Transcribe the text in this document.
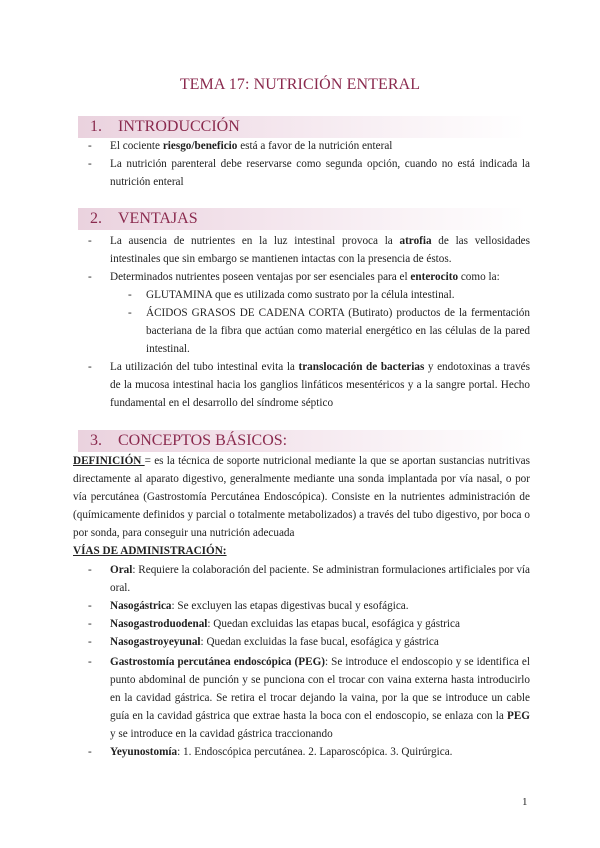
TEMA 17: NUTRICIÓN ENTERAL
1. INTRODUCCIÓN
- El cociente riesgo/beneficio está a favor de la nutrición enteral
- La nutrición parenteral debe reservarse como segunda opción, cuando no está indicada la nutrición enteral
2. VENTAJAS
- La ausencia de nutrientes en la luz intestinal provoca la atrofia de las vellosidades intestinales que sin embargo se mantienen intactas con la presencia de éstos.
- Determinados nutrientes poseen ventajas por ser esenciales para el enterocito como la:
- GLUTAMINA que es utilizada como sustrato por la célula intestinal.
- ÁCIDOS GRASOS DE CADENA CORTA (Butirato) productos de la fermentación bacteriana de la fibra que actúan como material energético en las células de la pared intestinal.
- La utilización del tubo intestinal evita la translocación de bacterias y endotoxinas a través de la mucosa intestinal hacia los ganglios linfáticos mesentéricos y a la sangre portal. Hecho fundamental en el desarrollo del síndrome séptico
3. CONCEPTOS BÁSICOS:
DEFINICIÓN = es la técnica de soporte nutricional mediante la que se aportan sustancias nutritivas directamente al aparato digestivo, generalmente mediante una sonda implantada por vía nasal, o por vía percutánea (Gastrostomía Percutánea Endoscópica). Consiste en la nutrientes administración de (químicamente definidos y parcial o totalmente metabolizados) a través del tubo digestivo, por boca o por sonda, para conseguir una nutrición adecuada
VÍAS DE ADMINISTRACIÓN:
- Oral: Requiere la colaboración del paciente. Se administran formulaciones artificiales por vía oral.
- Nasogástrica: Se excluyen las etapas digestivas bucal y esofágica.
- Nasogastroduodenal: Quedan excluidas las etapas bucal, esofágica y gástrica
- Nasogastroyeyunal: Quedan excluidas la fase bucal, esofágica y gástrica
- Gastrostomía percutánea endoscópica (PEG): Se introduce el endoscopio y se identifica el punto abdominal de punción y se punciona con el trocar con vaina externa hasta introducirlo en la cavidad gástrica. Se retira el trocar dejando la vaina, por la que se introduce un cable guía en la cavidad gástrica que extrae hasta la boca con el endoscopio, se enlaza con la PEG y se introduce en la cavidad gástrica traccionando
- Yeyunostomía: 1. Endoscópica percutánea. 2. Laparoscópica. 3. Quirúrgica.
1
